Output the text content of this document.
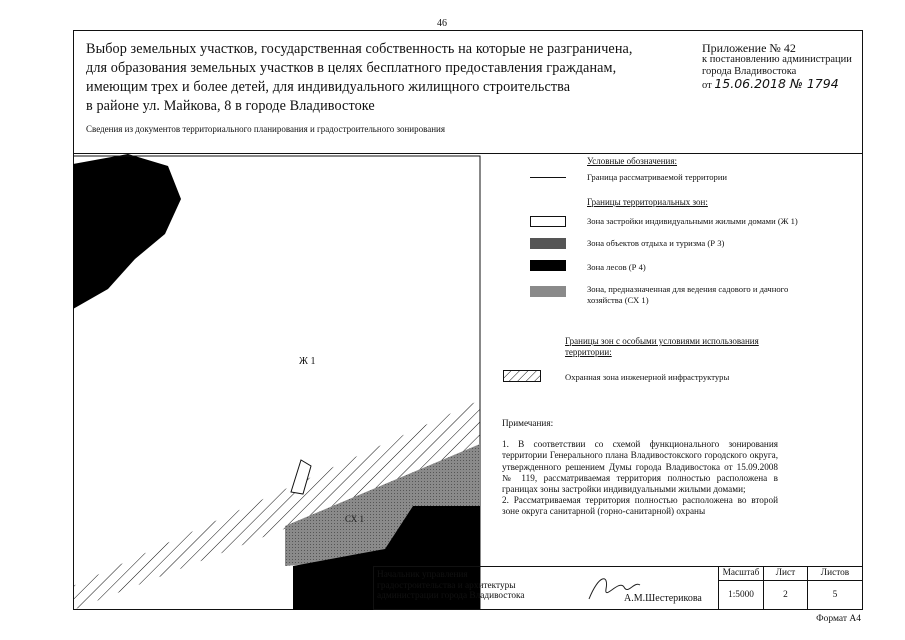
46
Выбор земельных участков, государственная собственность на которые не разграничена,
для образования земельных участков в целях бесплатного предоставления гражданам,
имеющим трех и более детей, для индивидуального жилищного строительства
в районе ул. Майкова, 8 в городе Владивостоке
Приложение № 42
к постановлению администрации
города Владивостока
от 15.06.2018 № 1794
Сведения из документов территориального планирования и градостроительного зонирования
Ж 1
СХ 1
Условные обозначения:
Граница рассматриваемой территории
Границы территориальных зон:
Зона застройки индивидуальными жилыми домами (Ж 1)
Зона объектов отдыха и туризма (Р 3)
Зона лесов (Р 4)
Зона, предназначенная для ведения садового и дачного
хозяйства (СХ 1)
Границы зон с особыми условиями использования
территории:
Охранная зона инженерной инфраструктуры

Примечания:

1. В соответствии со схемой функционального зонирования территории Генерального плана Владивостокского городского округа, утвержденного решением Думы города Владивостока от 15.09.2008 № 119, рассматриваемая территория полностью расположена в границах зоны застройки индивидуальными жилыми домами;

2. Рассматриваемая территория полностью расположена во второй зоне округа санитарной (горно-санитарной) охраны

Начальник управления
градостроительства и архитектуры
администрации города Владивостока	А.М.Шестерикова
Масштаб	Лист	Листов
1:5000	2	5
Формат А4
